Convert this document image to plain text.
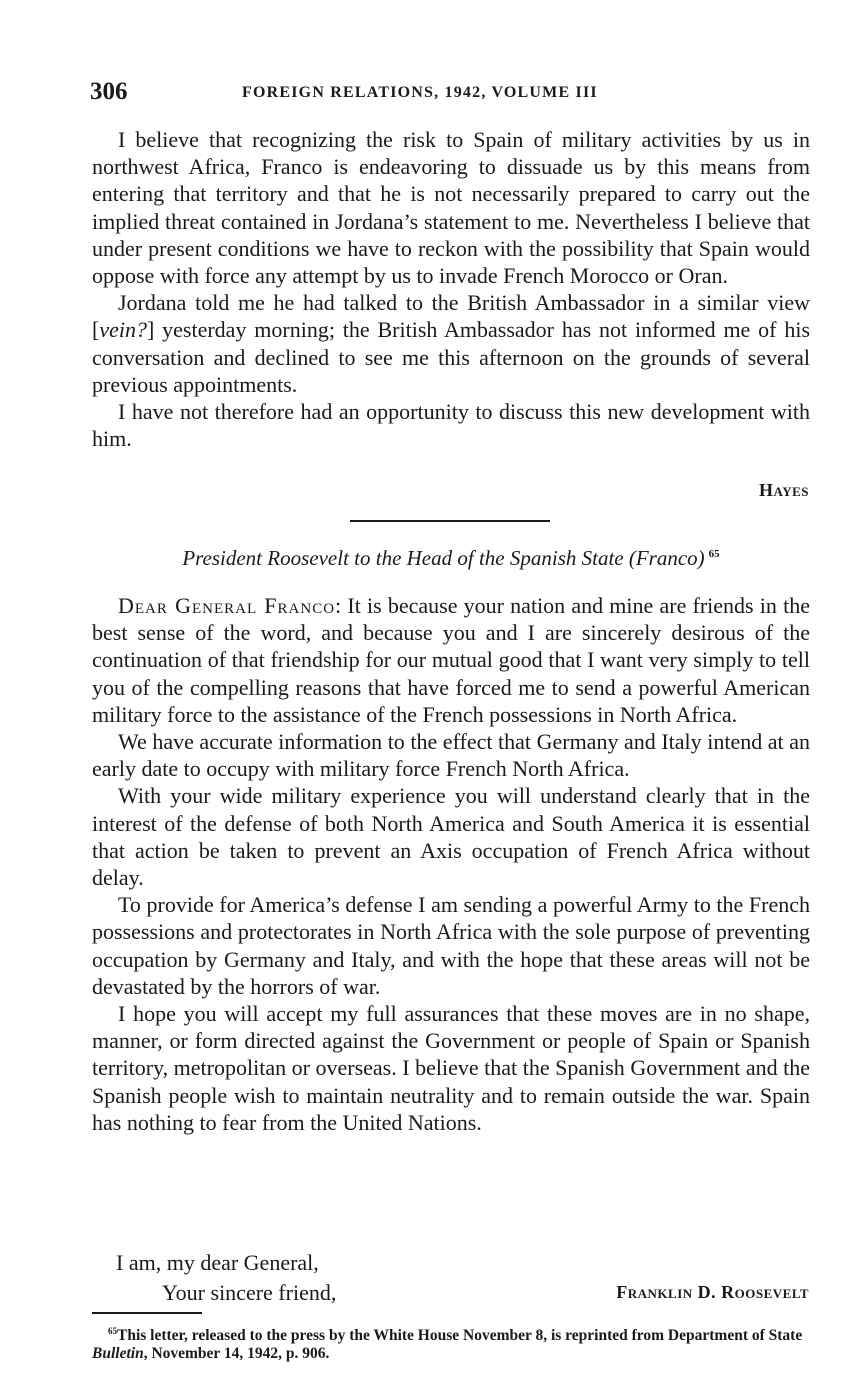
306	FOREIGN RELATIONS, 1942, VOLUME III

I believe that recognizing the risk to Spain of military activities by us in northwest Africa, Franco is endeavoring to dissuade us by this means from entering that territory and that he is not necessarily prepared to carry out the implied threat contained in Jordana’s statement to me. Nevertheless I believe that under present conditions we have to reckon with the possibility that Spain would oppose with force any attempt by us to invade French Morocco or Oran.

Jordana told me he had talked to the British Ambassador in a similar view [vein?] yesterday morning; the British Ambassador has not informed me of his conversation and declined to see me this afternoon on the grounds of several previous appointments.

I have not therefore had an opportunity to discuss this new development with him.

Hayes
President Roosevelt to the Head of the Spanish State (Franco) $^{65}$

Dear General Franco: It is because your nation and mine are friends in the best sense of the word, and because you and I are sincerely desirous of the continuation of that friendship for our mutual good that I want very simply to tell you of the compelling reasons that have forced me to send a powerful American military force to the assistance of the French possessions in North Africa.

We have accurate information to the effect that Germany and Italy intend at an early date to occupy with military force French North Africa.

With your wide military experience you will understand clearly that in the interest of the defense of both North America and South America it is essential that action be taken to prevent an Axis occupation of French Africa without delay.

To provide for America’s defense I am sending a powerful Army to the French possessions and protectorates in North Africa with the sole purpose of preventing occupation by Germany and Italy, and with the hope that these areas will not be devastated by the horrors of war.

I hope you will accept my full assurances that these moves are in no shape, manner, or form directed against the Government or people of Spain or Spanish territory, metropolitan or overseas. I believe that the Spanish Government and the Spanish people wish to maintain neutrality and to remain outside the war. Spain has nothing to fear from the United Nations.

I am, my dear General,
Your sincere friend,	Franklin D. Roosevelt
$^{65}$This letter, released to the press by the White House November 8, is reprinted from Department of State Bulletin, November 14, 1942, p. 906.
